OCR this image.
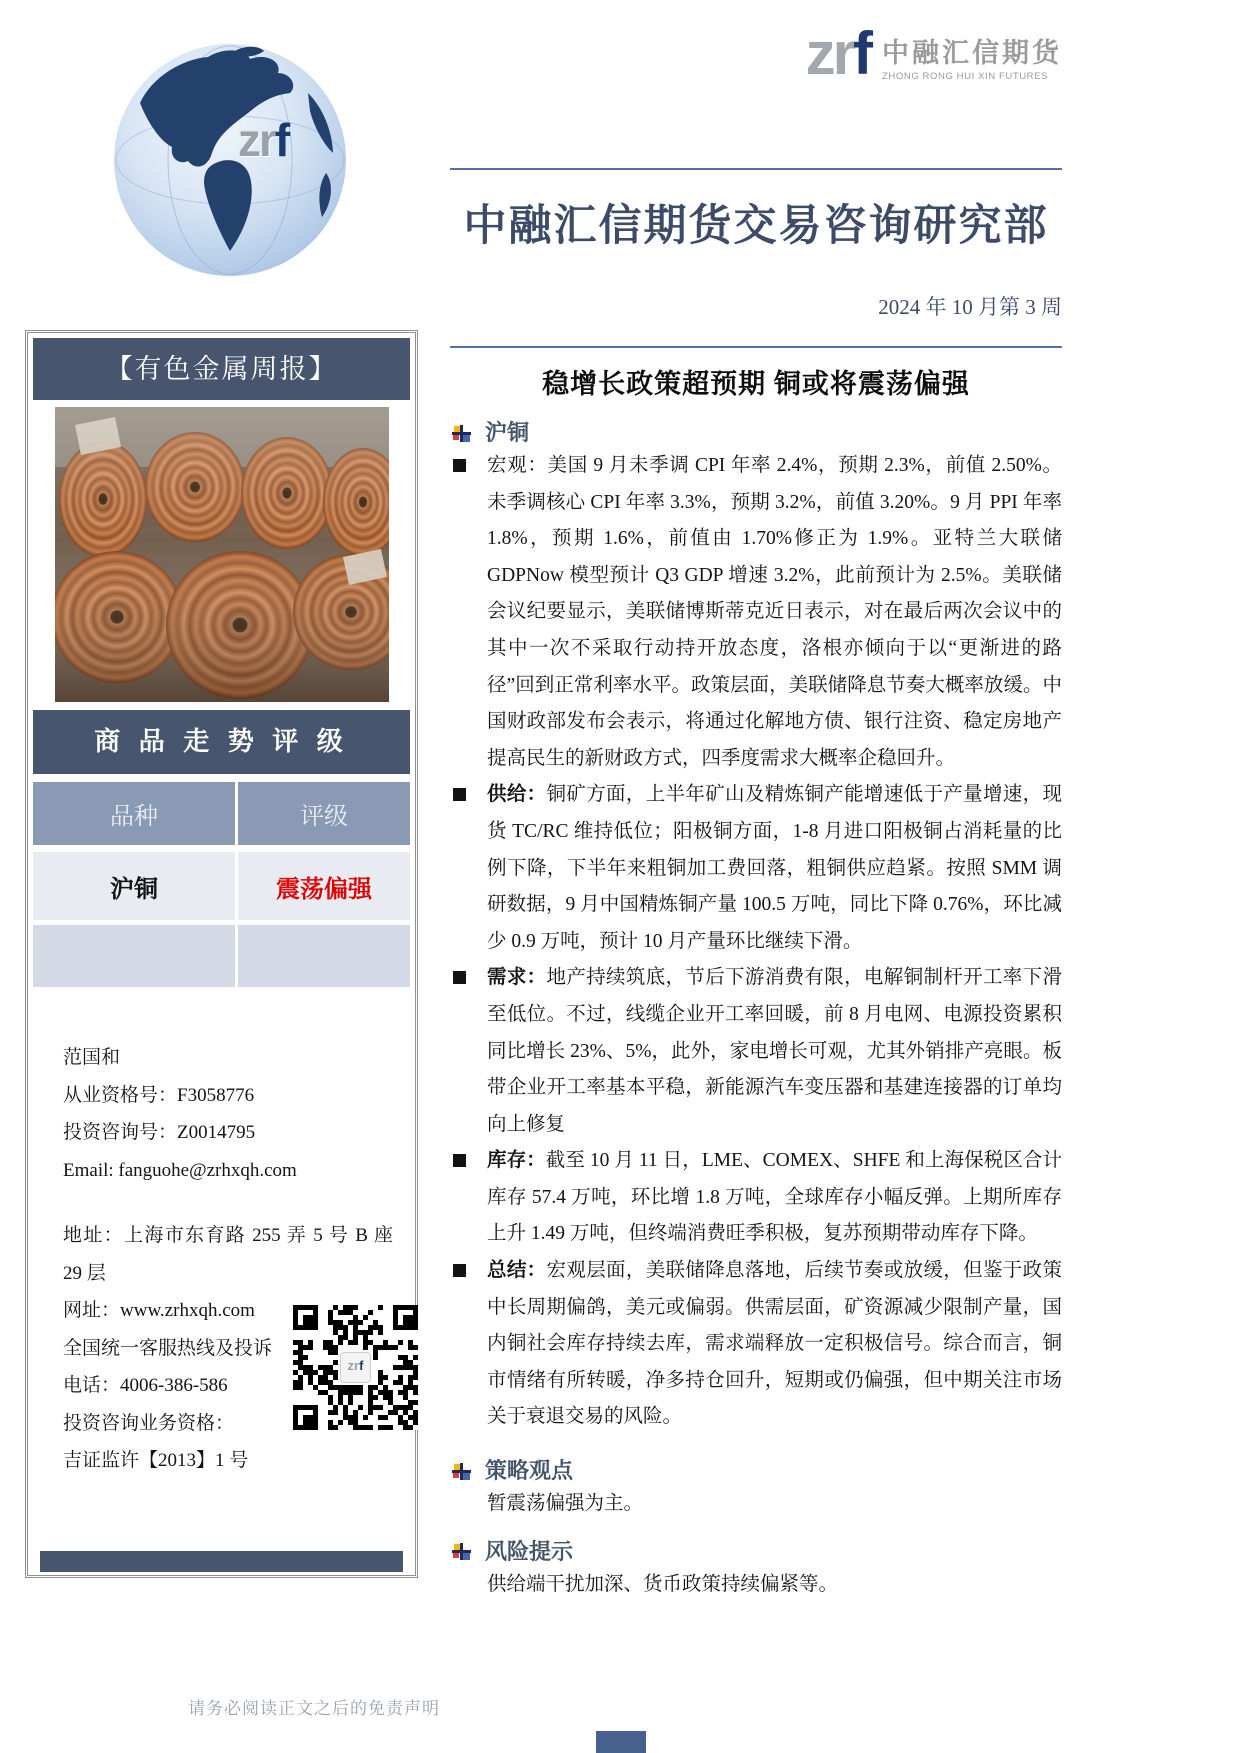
zrf
zrf 中融汇信期货
ZHONG RONG HUI XIN FUTURES
中融汇信期货交易咨询研究部
2024 年 10 月第 3 周
稳增长政策超预期 铜或将震荡偏强
沪铜

宏观：美国 9 月未季调 CPI 年率 2.4%，预期 2.3%，前值 2.50%。未季调核心 CPI 年率 3.3%，预期 3.2%，前值 3.20%。9 月 PPI 年率 1.8%，预期 1.6%，前值由 1.70%修正为 1.9%。亚特兰大联储 GDPNow 模型预计 Q3 GDP 增速 3.2%，此前预计为 2.5%。美联储会议纪要显示，美联储博斯蒂克近日表示，对在最后两次会议中的其中一次不采取行动持开放态度，洛根亦倾向于以“更渐进的路径”回到正常利率水平。政策层面，美联储降息节奏大概率放缓。中国财政部发布会表示，将通过化解地方债、银行注资、稳定房地产提高民生的新财政方式，四季度需求大概率企稳回升。

供给：铜矿方面，上半年矿山及精炼铜产能增速低于产量增速，现货 TC/RC 维持低位；阳极铜方面，1-8 月进口阳极铜占消耗量的比例下降，下半年来粗铜加工费回落，粗铜供应趋紧。按照 SMM 调研数据，9 月中国精炼铜产量 100.5 万吨，同比下降 0.76%，环比减少 0.9 万吨，预计 10 月产量环比继续下滑。

需求：地产持续筑底，节后下游消费有限，电解铜制杆开工率下滑至低位。不过，线缆企业开工率回暖，前 8 月电网、电源投资累积同比增长 23%、5%，此外，家电增长可观，尤其外销排产亮眼。板带企业开工率基本平稳，新能源汽车变压器和基建连接器的订单均向上修复

库存：截至 10 月 11 日，LME、COMEX、SHFE 和上海保税区合计库存 57.4 万吨，环比增 1.8 万吨，全球库存小幅反弹。上期所库存上升 1.49 万吨，但终端消费旺季积极，复苏预期带动库存下降。

总结：宏观层面，美联储降息落地，后续节奏或放缓，但鉴于政策中长周期偏鸽，美元或偏弱。供需层面，矿资源减少限制产量，国内铜社会库存持续去库，需求端释放一定积极信号。综合而言，铜市情绪有所转暖，净多持仓回升，短期或仍偏强，但中期关注市场关于衰退交易的风险。

策略观点

暂震荡偏强为主。

风险提示

供给端干扰加深、货币政策持续偏紧等。

【有色金属周报】
商 品 走 势 评 级
品种	评级
沪铜	震荡偏强
范国和
从业资格号：F3058776
投资咨询号：Z0014795
Email: fanguohe@zrhxqh.com
地址：上海市东育路 255 弄 5 号 B 座 29 层
网址：www.zrhxqh.com
全国统一客服热线及投诉
电话：4006-386-586
投资咨询业务资格：
吉证监许【2013】1 号
zrf
请务必阅读正文之后的免责声明
